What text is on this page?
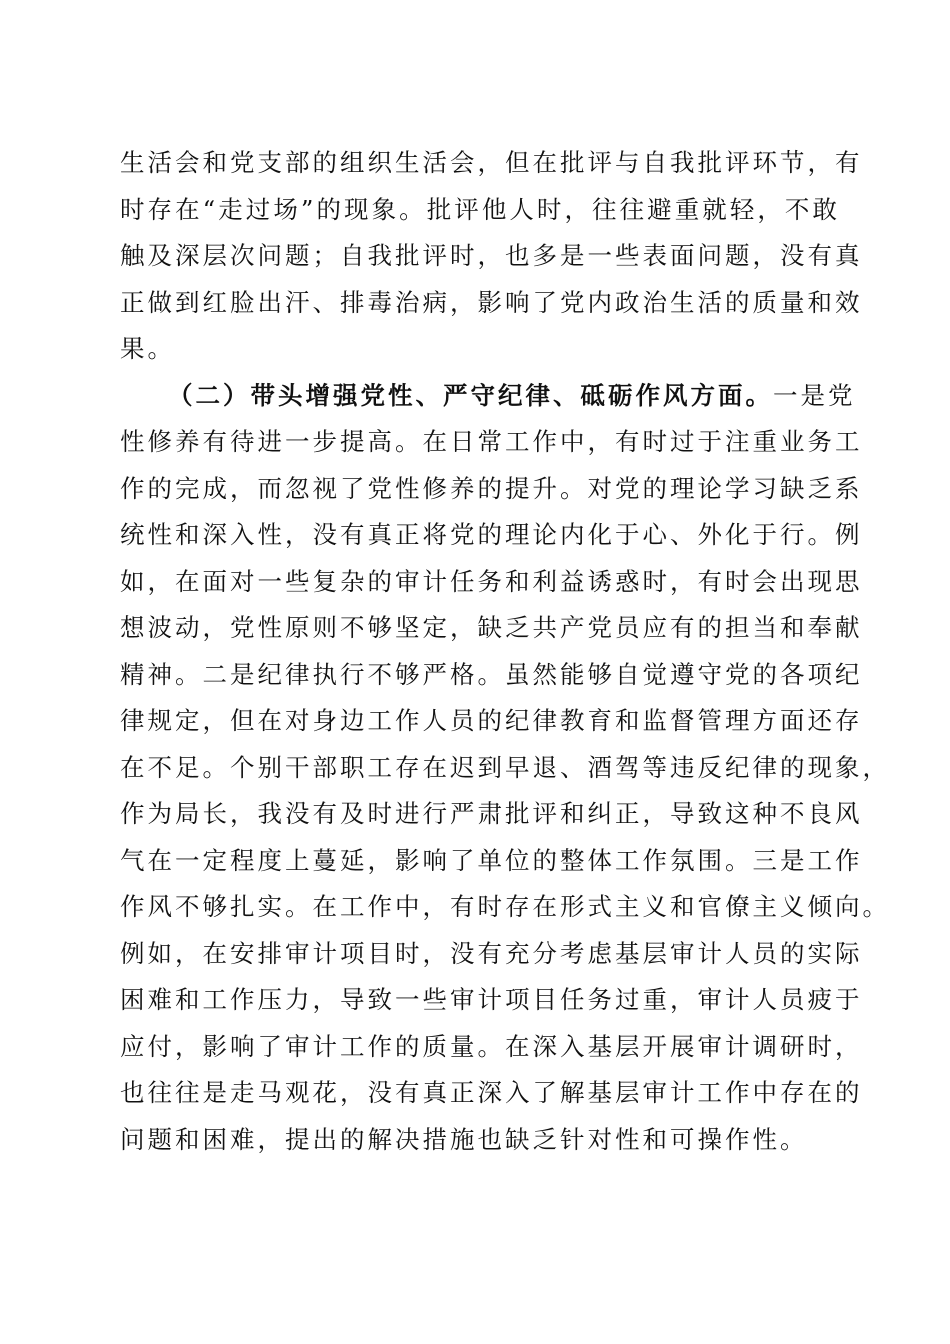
生活会和党支部的组织生活会，但在批评与自我批评环节，有
时存在“走过场”的现象。批评他人时，往往避重就轻，不敢
触及深层次问题；自我批评时，也多是一些表面问题，没有真
正做到红脸出汗、排毒治病，影响了党内政治生活的质量和效
果。
（二）带头增强党性、严守纪律、砥砺作风方面。一是党
性修养有待进一步提高。在日常工作中，有时过于注重业务工
作的完成，而忽视了党性修养的提升。对党的理论学习缺乏系
统性和深入性，没有真正将党的理论内化于心、外化于行。例
如，在面对一些复杂的审计任务和利益诱惑时，有时会出现思
想波动，党性原则不够坚定，缺乏共产党员应有的担当和奉献
精神。二是纪律执行不够严格。虽然能够自觉遵守党的各项纪
律规定，但在对身边工作人员的纪律教育和监督管理方面还存
在不足。个别干部职工存在迟到早退、酒驾等违反纪律的现象，
作为局长，我没有及时进行严肃批评和纠正，导致这种不良风
气在一定程度上蔓延，影响了单位的整体工作氛围。三是工作
作风不够扎实。在工作中，有时存在形式主义和官僚主义倾向。
例如，在安排审计项目时，没有充分考虑基层审计人员的实际
困难和工作压力，导致一些审计项目任务过重，审计人员疲于
应付，影响了审计工作的质量。在深入基层开展审计调研时，
也往往是走马观花，没有真正深入了解基层审计工作中存在的
问题和困难，提出的解决措施也缺乏针对性和可操作性。
